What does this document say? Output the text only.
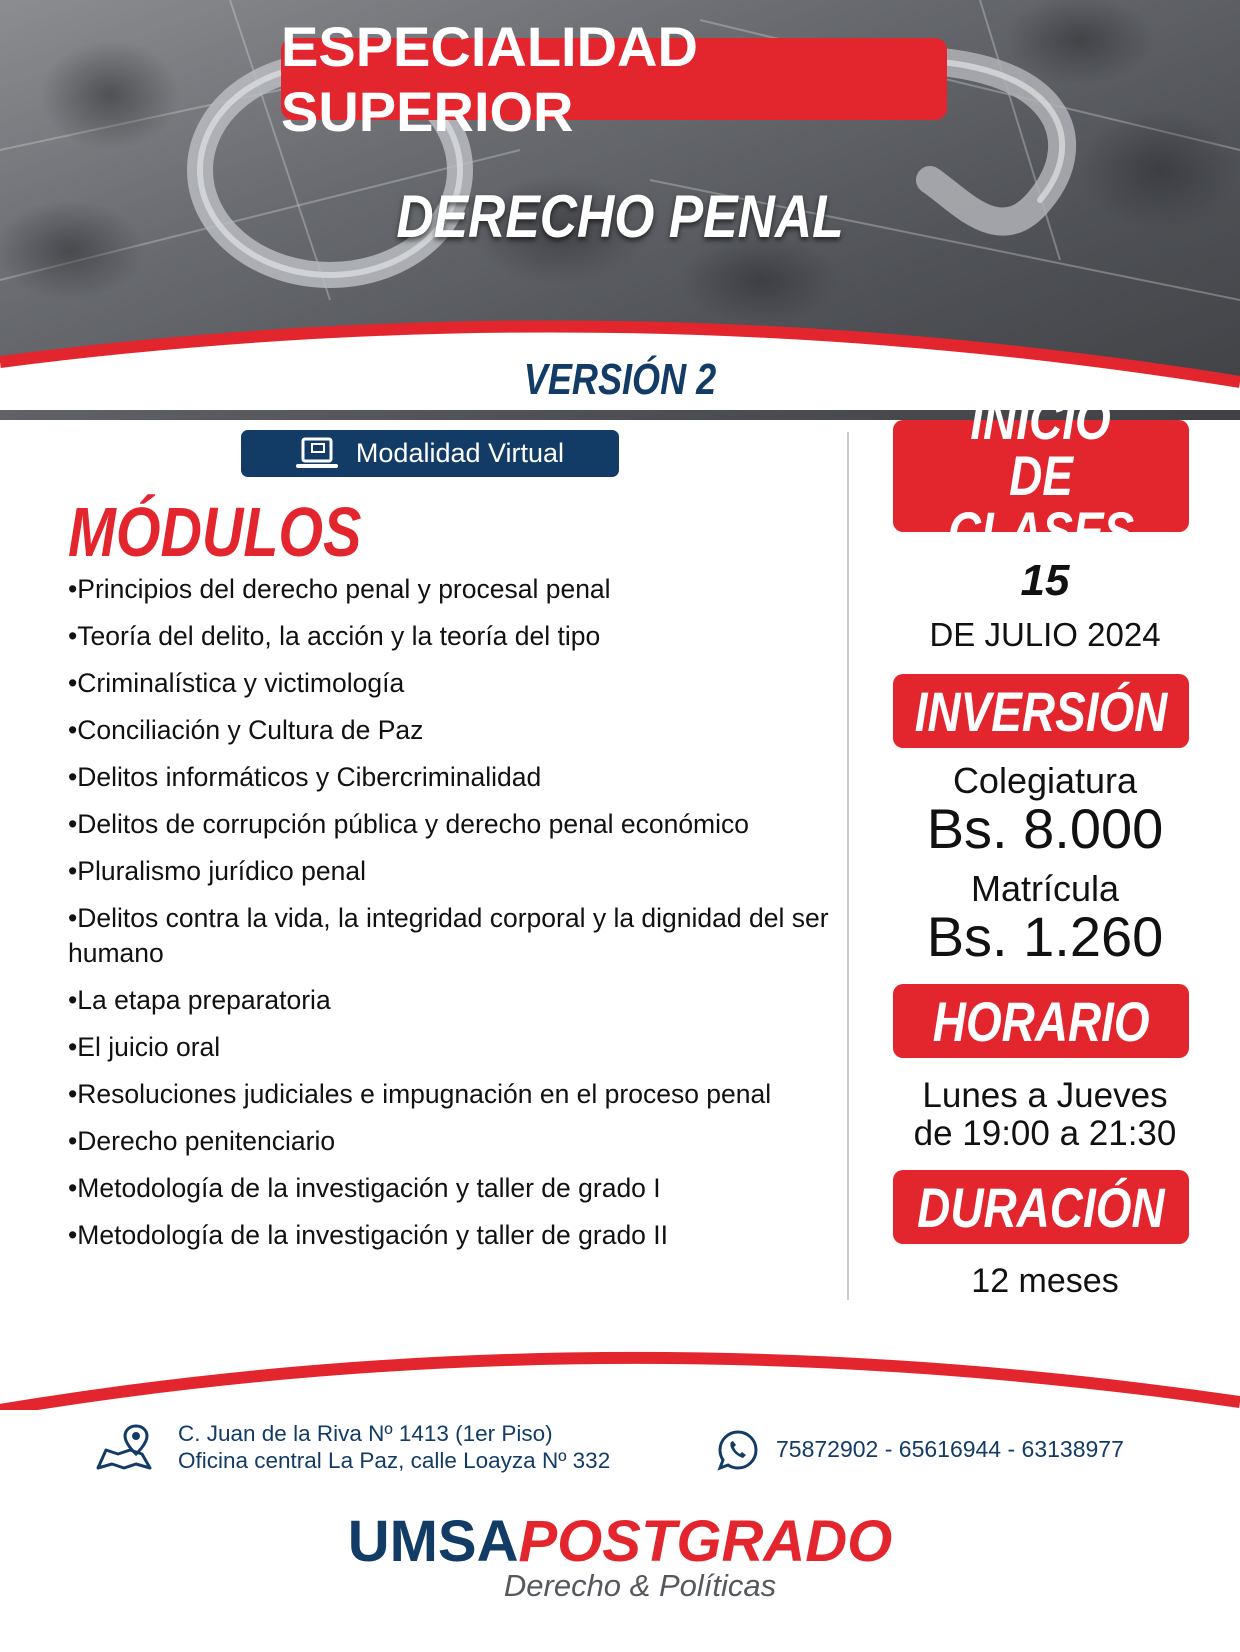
ESPECIALIDAD SUPERIOR
DERECHO PENAL
VERSIÓN 2
Modalidad Virtual
MÓDULOS
• Principios del derecho penal y procesal penal
• Teoría del delito, la acción y la teoría del tipo
• Criminalística y victimología
• Conciliación y Cultura de Paz
• Delitos informáticos y Cibercriminalidad
• Delitos de corrupción pública y derecho penal económico
• Pluralismo jurídico penal
• Delitos contra la vida, la integridad corporal y la dignidad del ser humano
• La etapa preparatoria
• El juicio oral
• Resoluciones judiciales e impugnación en el proceso penal
• Derecho penitenciario
• Metodología de la investigación y taller de grado I
• Metodología de la investigación y taller de grado II
INICIO
DE CLASES
15
DE JULIO 2024
INVERSIÓN
Colegiatura
Bs. 8.000
Matrícula
Bs. 1.260
HORARIO
Lunes a Jueves
de 19:00 a 21:30
DURACIÓN
12 meses
C. Juan de la Riva Nº 1413 (1er Piso)
Oficina central La Paz, calle Loayza Nº 332	75872902 - 65616944 - 63138977
UMSAPOSTGRADO
Derecho & Políticas
